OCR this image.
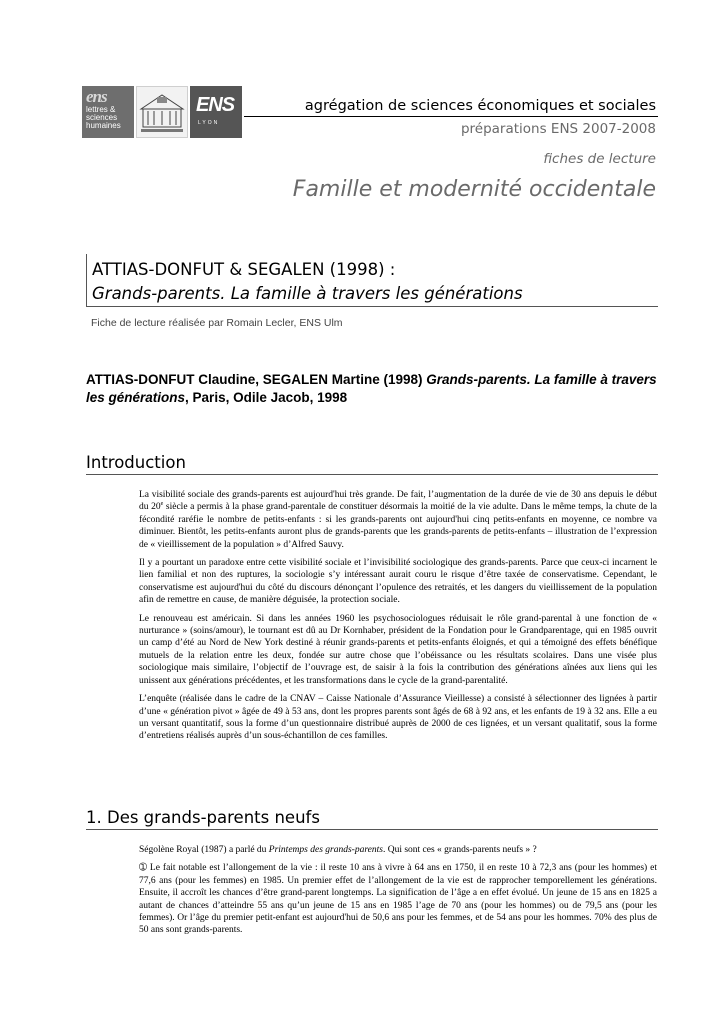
ens
lettres &
sciences
humaines
ENS
LYON
agrégation de sciences économiques et sociales
préparations ENS 2007-2008
fiches de lecture
Famille et modernité occidentale
ATTIAS-DONFUT & SEGALEN (1998) :
Grands-parents. La famille à travers les générations
Fiche de lecture réalisée par Romain Lecler, ENS Ulm
ATTIAS-DONFUT Claudine, SEGALEN Martine (1998) Grands-parents. La famille à travers les générations, Paris, Odile Jacob, 1998
Introduction

La visibilité sociale des grands-parents est aujourd'hui très grande. De fait, l’augmentation de la durée de vie de 30 ans depuis le début du 20e siècle a permis à la phase grand-parentale de constituer désormais la moitié de la vie adulte. Dans le même temps, la chute de la fécondité raréfie le nombre de petits-enfants : si les grands-parents ont aujourd'hui cinq petits-enfants en moyenne, ce nombre va diminuer. Bientôt, les petits-enfants auront plus de grands-parents que les grands-parents de petits-enfants – illustration de l’expression de « vieillissement de la population » d’Alfred Sauvy.

Il y a pourtant un paradoxe entre cette visibilité sociale et l’invisibilité sociologique des grands-parents. Parce que ceux-ci incarnent le lien familial et non des ruptures, la sociologie s’y intéressant aurait couru le risque d’être taxée de conservatisme. Cependant, le conservatisme est aujourd'hui du côté du discours dénonçant l’opulence des retraités, et les dangers du vieillissement de la population afin de remettre en cause, de manière déguisée, la protection sociale.

Le renouveau est américain. Si dans les années 1960 les psychosociologues réduisait le rôle grand-parental à une fonction de « nurturance » (soins/amour), le tournant est dû au Dr Kornhaber, président de la Fondation pour le Grandparentage, qui en 1985 ouvrit un camp d’été au Nord de New York destiné à réunir grands-parents et petits-enfants éloignés, et qui a témoigné des effets bénéfique mutuels de la relation entre les deux, fondée sur autre chose que l’obéissance ou les résultats scolaires. Dans une visée plus sociologique mais similaire, l’objectif de l’ouvrage est, de saisir à la fois la contribution des générations aînées aux liens qui les unissent aux générations précédentes, et les transformations dans le cycle de la grand-parentalité.

L’enquête (réalisée dans le cadre de la CNAV – Caisse Nationale d’Assurance Vieillesse) a consisté à sélectionner des lignées à partir d’une « génération pivot » âgée de 49 à 53 ans, dont les propres parents sont âgés de 68 à 92 ans, et les enfants de 19 à 32 ans. Elle a eu un versant quantitatif, sous la forme d’un questionnaire distribué auprès de 2000 de ces lignées, et un versant qualitatif, sous la forme d’entretiens réalisés auprès d’un sous-échantillon de ces familles.

1. Des grands-parents neufs

Ségolène Royal (1987) a parlé du Printemps des grands-parents. Qui sont ces « grands-parents neufs » ?

➀ Le fait notable est l’allongement de la vie : il reste 10 ans à vivre à 64 ans en 1750, il en reste 10 à 72,3 ans (pour les hommes) et 77,6 ans (pour les femmes) en 1985. Un premier effet de l’allongement de la vie est de rapprocher temporellement les générations. Ensuite, il accroît les chances d’être grand-parent longtemps. La signification de l’âge a en effet évolué. Un jeune de 15 ans en 1825 a autant de chances d’atteindre 55 ans qu’un jeune de 15 ans en 1985 l’age de 70 ans (pour les hommes) ou de 79,5 ans (pour les femmes). Or l’âge du premier petit-enfant est aujourd'hui de 50,6 ans pour les femmes, et de 54 ans pour les hommes. 70% des plus de 50 ans sont grands-parents.
